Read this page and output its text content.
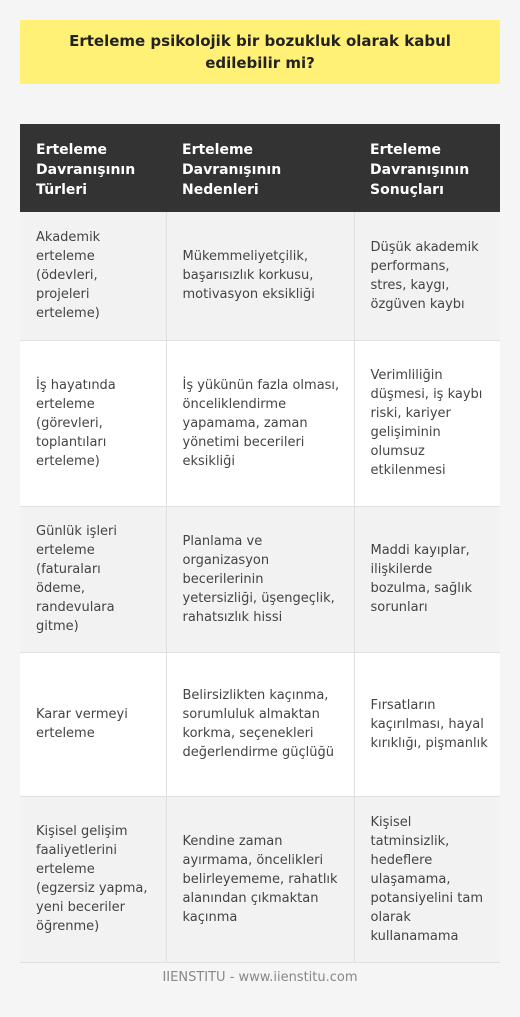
Erteleme psikolojik bir bozukluk olarak kabul edilebilir mi?
Erteleme Davranışının Türleri	Erteleme Davranışının Nedenleri	Erteleme Davranışının Sonuçları
Akademik erteleme (ödevleri, projeleri erteleme)	Mükemmeliyetçilik, başarısızlık korkusu, motivasyon eksikliği	Düşük akademik performans, stres, kaygı, özgüven kaybı
İş hayatında erteleme (görevleri, toplantıları erteleme)	İş yükünün fazla olması, önceliklendirme yapamama, zaman yönetimi becerileri eksikliği	Verimliliğin düşmesi, iş kaybı riski, kariyer gelişiminin olumsuz etkilenmesi
Günlük işleri erteleme (faturaları ödeme, randevulara gitme)	Planlama ve organizasyon becerilerinin yetersizliği, üşengeçlik, rahatsızlık hissi	Maddi kayıplar, ilişkilerde bozulma, sağlık sorunları
Karar vermeyi erteleme	Belirsizlikten kaçınma, sorumluluk almaktan korkma, seçenekleri değerlendirme güçlüğü	Fırsatların kaçırılması, hayal kırıklığı, pişmanlık
Kişisel gelişim faaliyetlerini erteleme (egzersiz yapma, yeni beceriler öğrenme)	Kendine zaman ayırmama, öncelikleri belirleyememe, rahatlık alanından çıkmaktan kaçınma	Kişisel tatminsizlik, hedeflere ulaşamama, potansiyelini tam olarak kullanamama
IIENSTITU - www.iienstitu.com
